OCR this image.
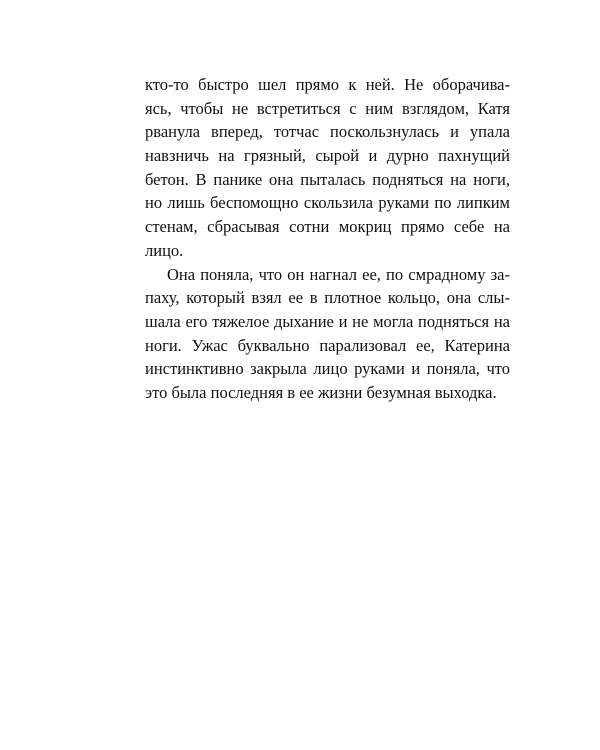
кто-то быстро шел прямо к ней. Не оборачива-
ясь, чтобы не встретиться с ним взглядом, Катя
рванула вперед, тотчас поскользнулась и упала
навзничь на грязный, сырой и дурно пахнущий
бетон. В панике она пыталась подняться на ноги,
но лишь беспомощно скользила руками по липким
стенам, сбрасывая сотни мокриц прямо себе на
лицо.
Она поняла, что он нагнал ее, по смрадному за-
паху, который взял ее в плотное кольцо, она слы-
шала его тяжелое дыхание и не могла подняться на
ноги. Ужас буквально парализовал ее, Катерина
инстинктивно закрыла лицо руками и поняла, что
это была последняя в ее жизни безумная выходка.
